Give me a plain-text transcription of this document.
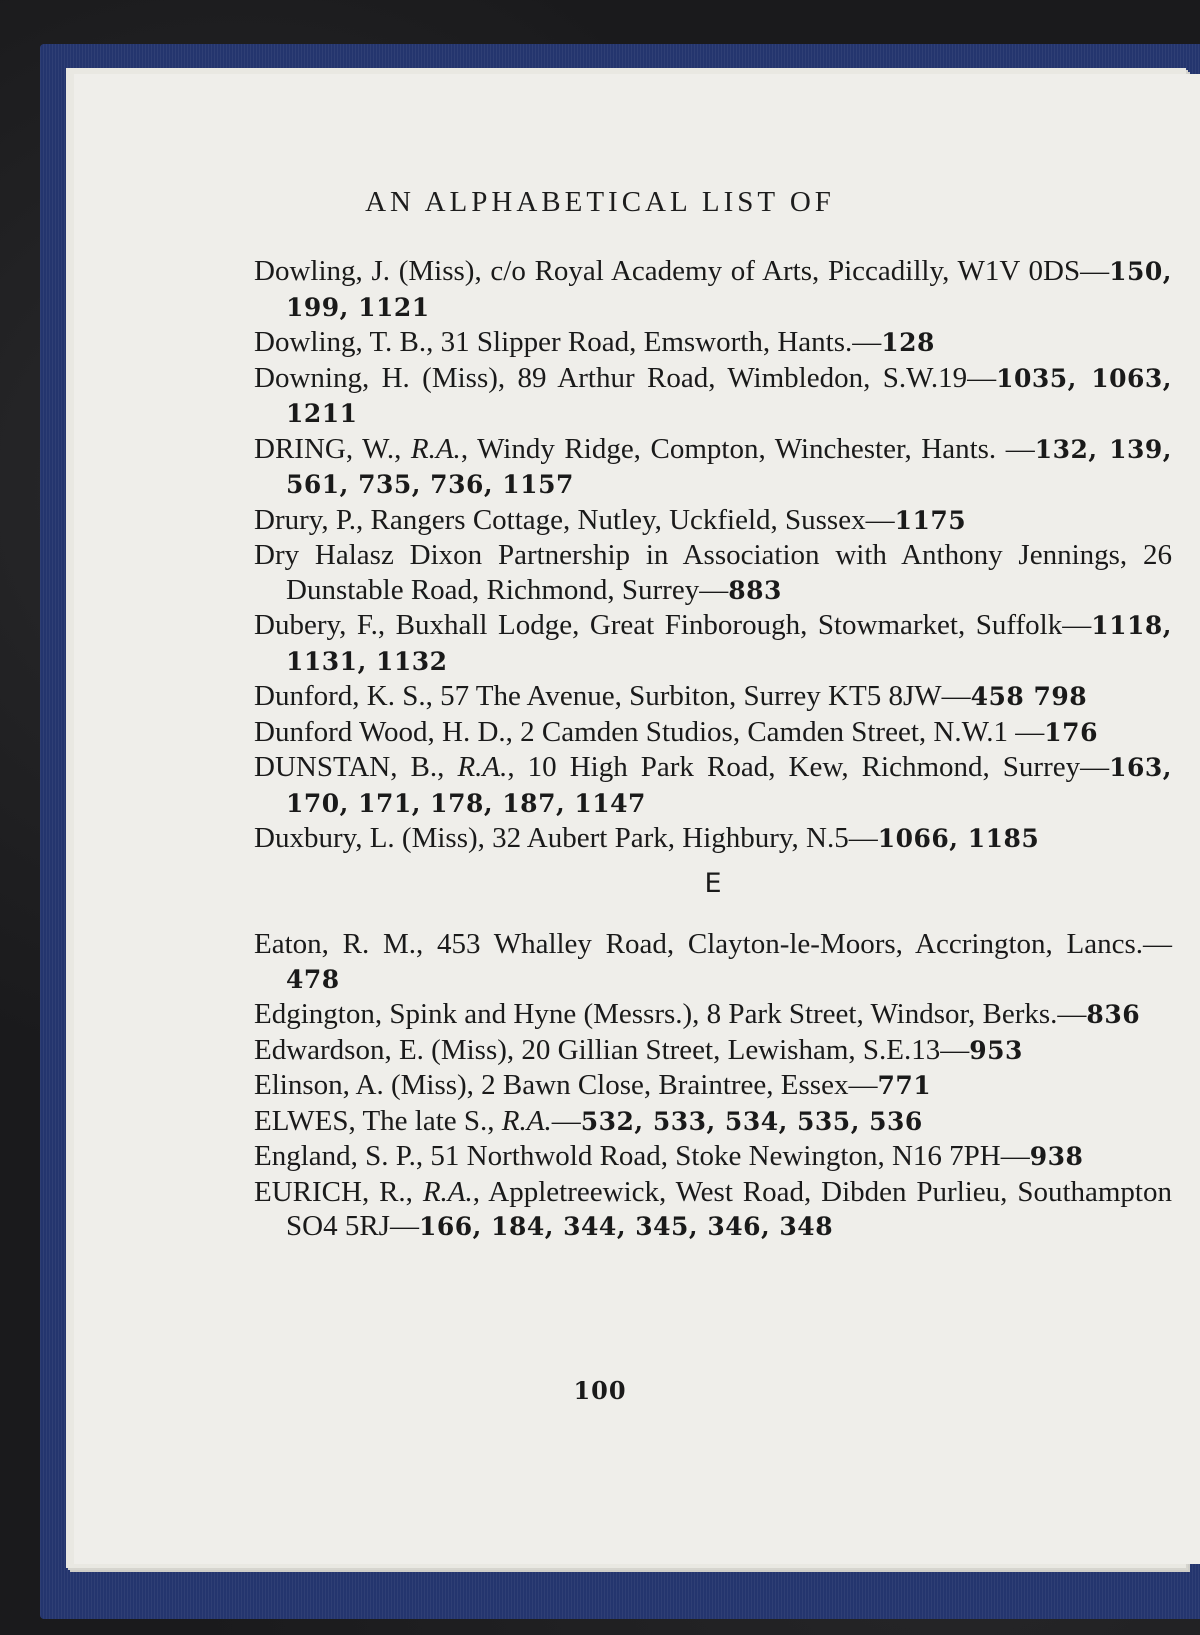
AN ALPHABETICAL LIST OF
Dowling, J. (Miss), c/o Royal Academy of Arts, Piccadilly, W1V 0DS—150, 199, 1121
Dowling, T. B., 31 Slipper Road, Emsworth, Hants.—128
Downing, H. (Miss), 89 Arthur Road, Wimbledon, S.W.19—1035, 1063, 1211
DRING, W., R.A., Windy Ridge, Compton, Winchester, Hants. —132, 139, 561, 735, 736, 1157
Drury, P., Rangers Cottage, Nutley, Uckfield, Sussex—1175
Dry Halasz Dixon Partnership in Association with Anthony Jennings, 26 Dunstable Road, Richmond, Surrey—883
Dubery, F., Buxhall Lodge, Great Finborough, Stowmarket, Suffolk—1118, 1131, 1132
Dunford, K. S., 57 The Avenue, Surbiton, Surrey KT5 8JW—458 798
Dunford Wood, H. D., 2 Camden Studios, Camden Street, N.W.1 —176
DUNSTAN, B., R.A., 10 High Park Road, Kew, Richmond, Surrey—163, 170, 171, 178, 187, 1147
Duxbury, L. (Miss), 32 Aubert Park, Highbury, N.5—1066, 1185
E
Eaton, R. M., 453 Whalley Road, Clayton-le-Moors, Accrington, Lancs.—478
Edgington, Spink and Hyne (Messrs.), 8 Park Street, Windsor, Berks.—836
Edwardson, E. (Miss), 20 Gillian Street, Lewisham, S.E.13—953
Elinson, A. (Miss), 2 Bawn Close, Braintree, Essex—771
ELWES, The late S., R.A.—532, 533, 534, 535, 536
England, S. P., 51 Northwold Road, Stoke Newington, N16 7PH—938
EURICH, R., R.A., Appletreewick, West Road, Dibden Purlieu, Southampton SO4 5RJ—166, 184, 344, 345, 346, 348
100
